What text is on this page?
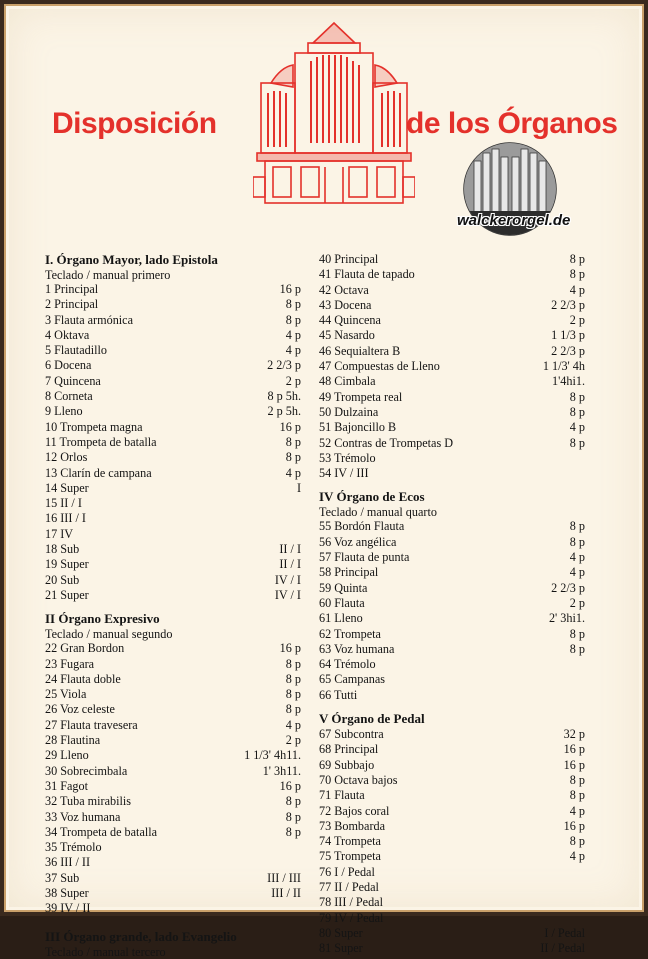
Disposición	de los Órganos
walckerorgel.de
I. Órgano Mayor, lado Epistola
Teclado / manual primero
1 Principal	16 p
2 Principal	8 p
3 Flauta armónica	8 p
4 Oktava	4 p
5 Flautadillo	4 p
6 Docena	2 2/3 p
7 Quincena	2 p
8 Corneta	8 p 5h.
9 Lleno	2 p 5h.
10 Trompeta magna	16 p
11 Trompeta de batalla	8 p
12 Orlos	8 p
13 Clarín de campana	4 p
14 Super	I
15 II / I
16 III / I
17 IV
18 Sub	II / I
19 Super	II / I
20 Sub	IV / I
21 Super	IV / I
II Órgano Expresivo
Teclado / manual segundo
22 Gran Bordon	16 p
23 Fugara	8 p
24 Flauta doble	8 p
25 Viola	8 p
26 Voz celeste	8 p
27 Flauta travesera	4 p
28 Flautina	2 p
29 Lleno	1 1/3' 4h11.
30 Sobrecimbala	1' 3h11.
31 Fagot	16 p
32 Tuba mirabilis	8 p
33 Voz humana	8 p
34 Trompeta de batalla	8 p
35 Trémolo
36 III / II
37 Sub	III / III
38 Super	III / II
39 IV / II
III Órgano grande, lado Evangelio
Teclado / manual tercero
40 Principal	8 p
41 Flauta de tapado	8 p
42 Octava	4 p
43 Docena	2 2/3 p
44 Quincena	2 p
45 Nasardo	1 1/3 p
46 Sequialtera B	2 2/3 p
47 Compuestas de Lleno	1 1/3' 4h
48 Cimbala	1'4hi1.
49 Trompeta real	8 p
50 Dulzaina	8 p
51 Bajoncillo B	4 p
52 Contras de Trompetas D	8 p
53 Trémolo
54 IV / III
IV Órgano de Ecos
Teclado / manual quarto
55 Bordón Flauta	8 p
56 Voz angélica	8 p
57 Flauta de punta	4 p
58 Principal	4 p
59 Quinta	2 2/3 p
60 Flauta	2 p
61 Lleno	2' 3hi1.
62 Trompeta	8 p
63 Voz humana	8 p
64 Trémolo
65 Campanas
66 Tutti
V Órgano de Pedal
67 Subcontra	32 p
68 Principal	16 p
69 Subbajo	16 p
70 Octava bajos	8 p
71 Flauta	8 p
72 Bajos coral	4 p
73 Bombarda	16 p
74 Trompeta	8 p
75 Trompeta	4 p
76 I / Pedal
77 II / Pedal
78 III / Pedal
79 IV / Pedal
80 Super	I / Pedal
81 Super	II / Pedal
